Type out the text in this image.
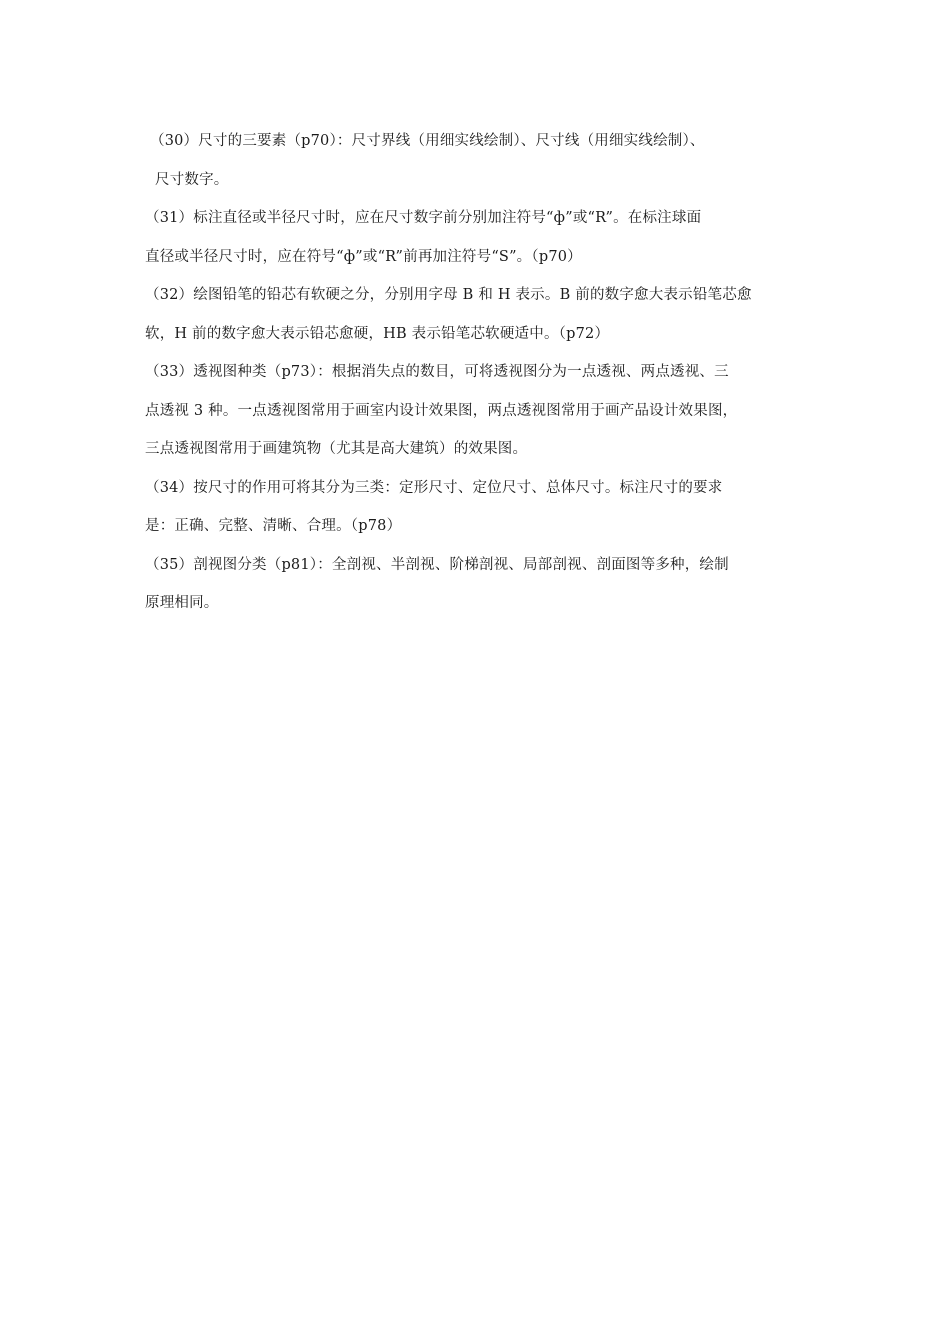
（30）尺寸的三要素（p70）：尺寸界线（用细实线绘制）、尺寸线（用细实线绘制）、
尺寸数字。
（31）标注直径或半径尺寸时，应在尺寸数字前分别加注符号“ф”或“R”。在标注球面
直径或半径尺寸时，应在符号“ф”或“R”前再加注符号“S”。（p70）
（32）绘图铅笔的铅芯有软硬之分，分别用字母 B 和 H 表示。B 前的数字愈大表示铅笔芯愈
软，H 前的数字愈大表示铅芯愈硬，HB 表示铅笔芯软硬适中。（p72）
（33）透视图种类（p73）：根据消失点的数目，可将透视图分为一点透视、两点透视、三
点透视 3 种。一点透视图常用于画室内设计效果图，两点透视图常用于画产品设计效果图，
三点透视图常用于画建筑物（尤其是高大建筑）的效果图。
（34）按尺寸的作用可将其分为三类：定形尺寸、定位尺寸、总体尺寸。标注尺寸的要求
是：正确、完整、清晰、合理。（p78）
（35）剖视图分类（p81）：全剖视、半剖视、阶梯剖视、局部剖视、剖面图等多种，绘制
原理相同。
